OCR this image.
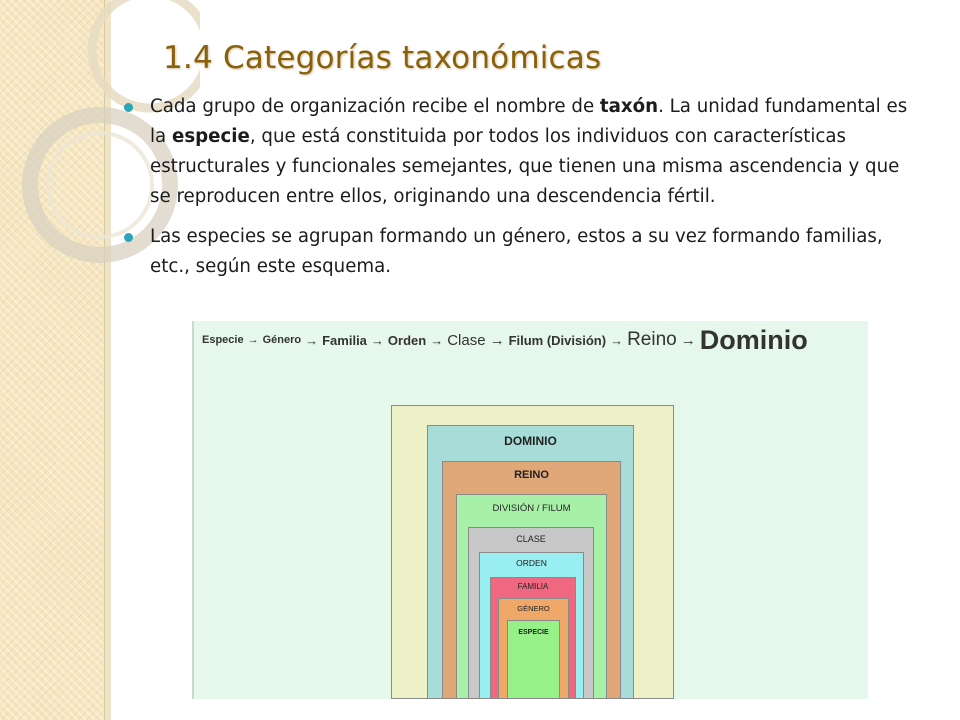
1.4 Categorías taxonómicas
Cada grupo de organización recibe el nombre de taxón. La unidad fundamental es la especie, que está constituida por todos los individuos con características estructurales y funcionales semejantes, que tienen una misma ascendencia y que se reproducen entre ellos, originando una descendencia fértil.
Las especies se agrupan formando un género, estos a su vez formando familias, etc., según este esquema.
Especie → Género → Familia → Orden → Clase → Filum (División) → Reino → Dominio
DOMINIO
REINO
DIVISIÓN / FILUM
CLASE
ORDEN
FAMILIA
GÉNERO
ESPECIE
